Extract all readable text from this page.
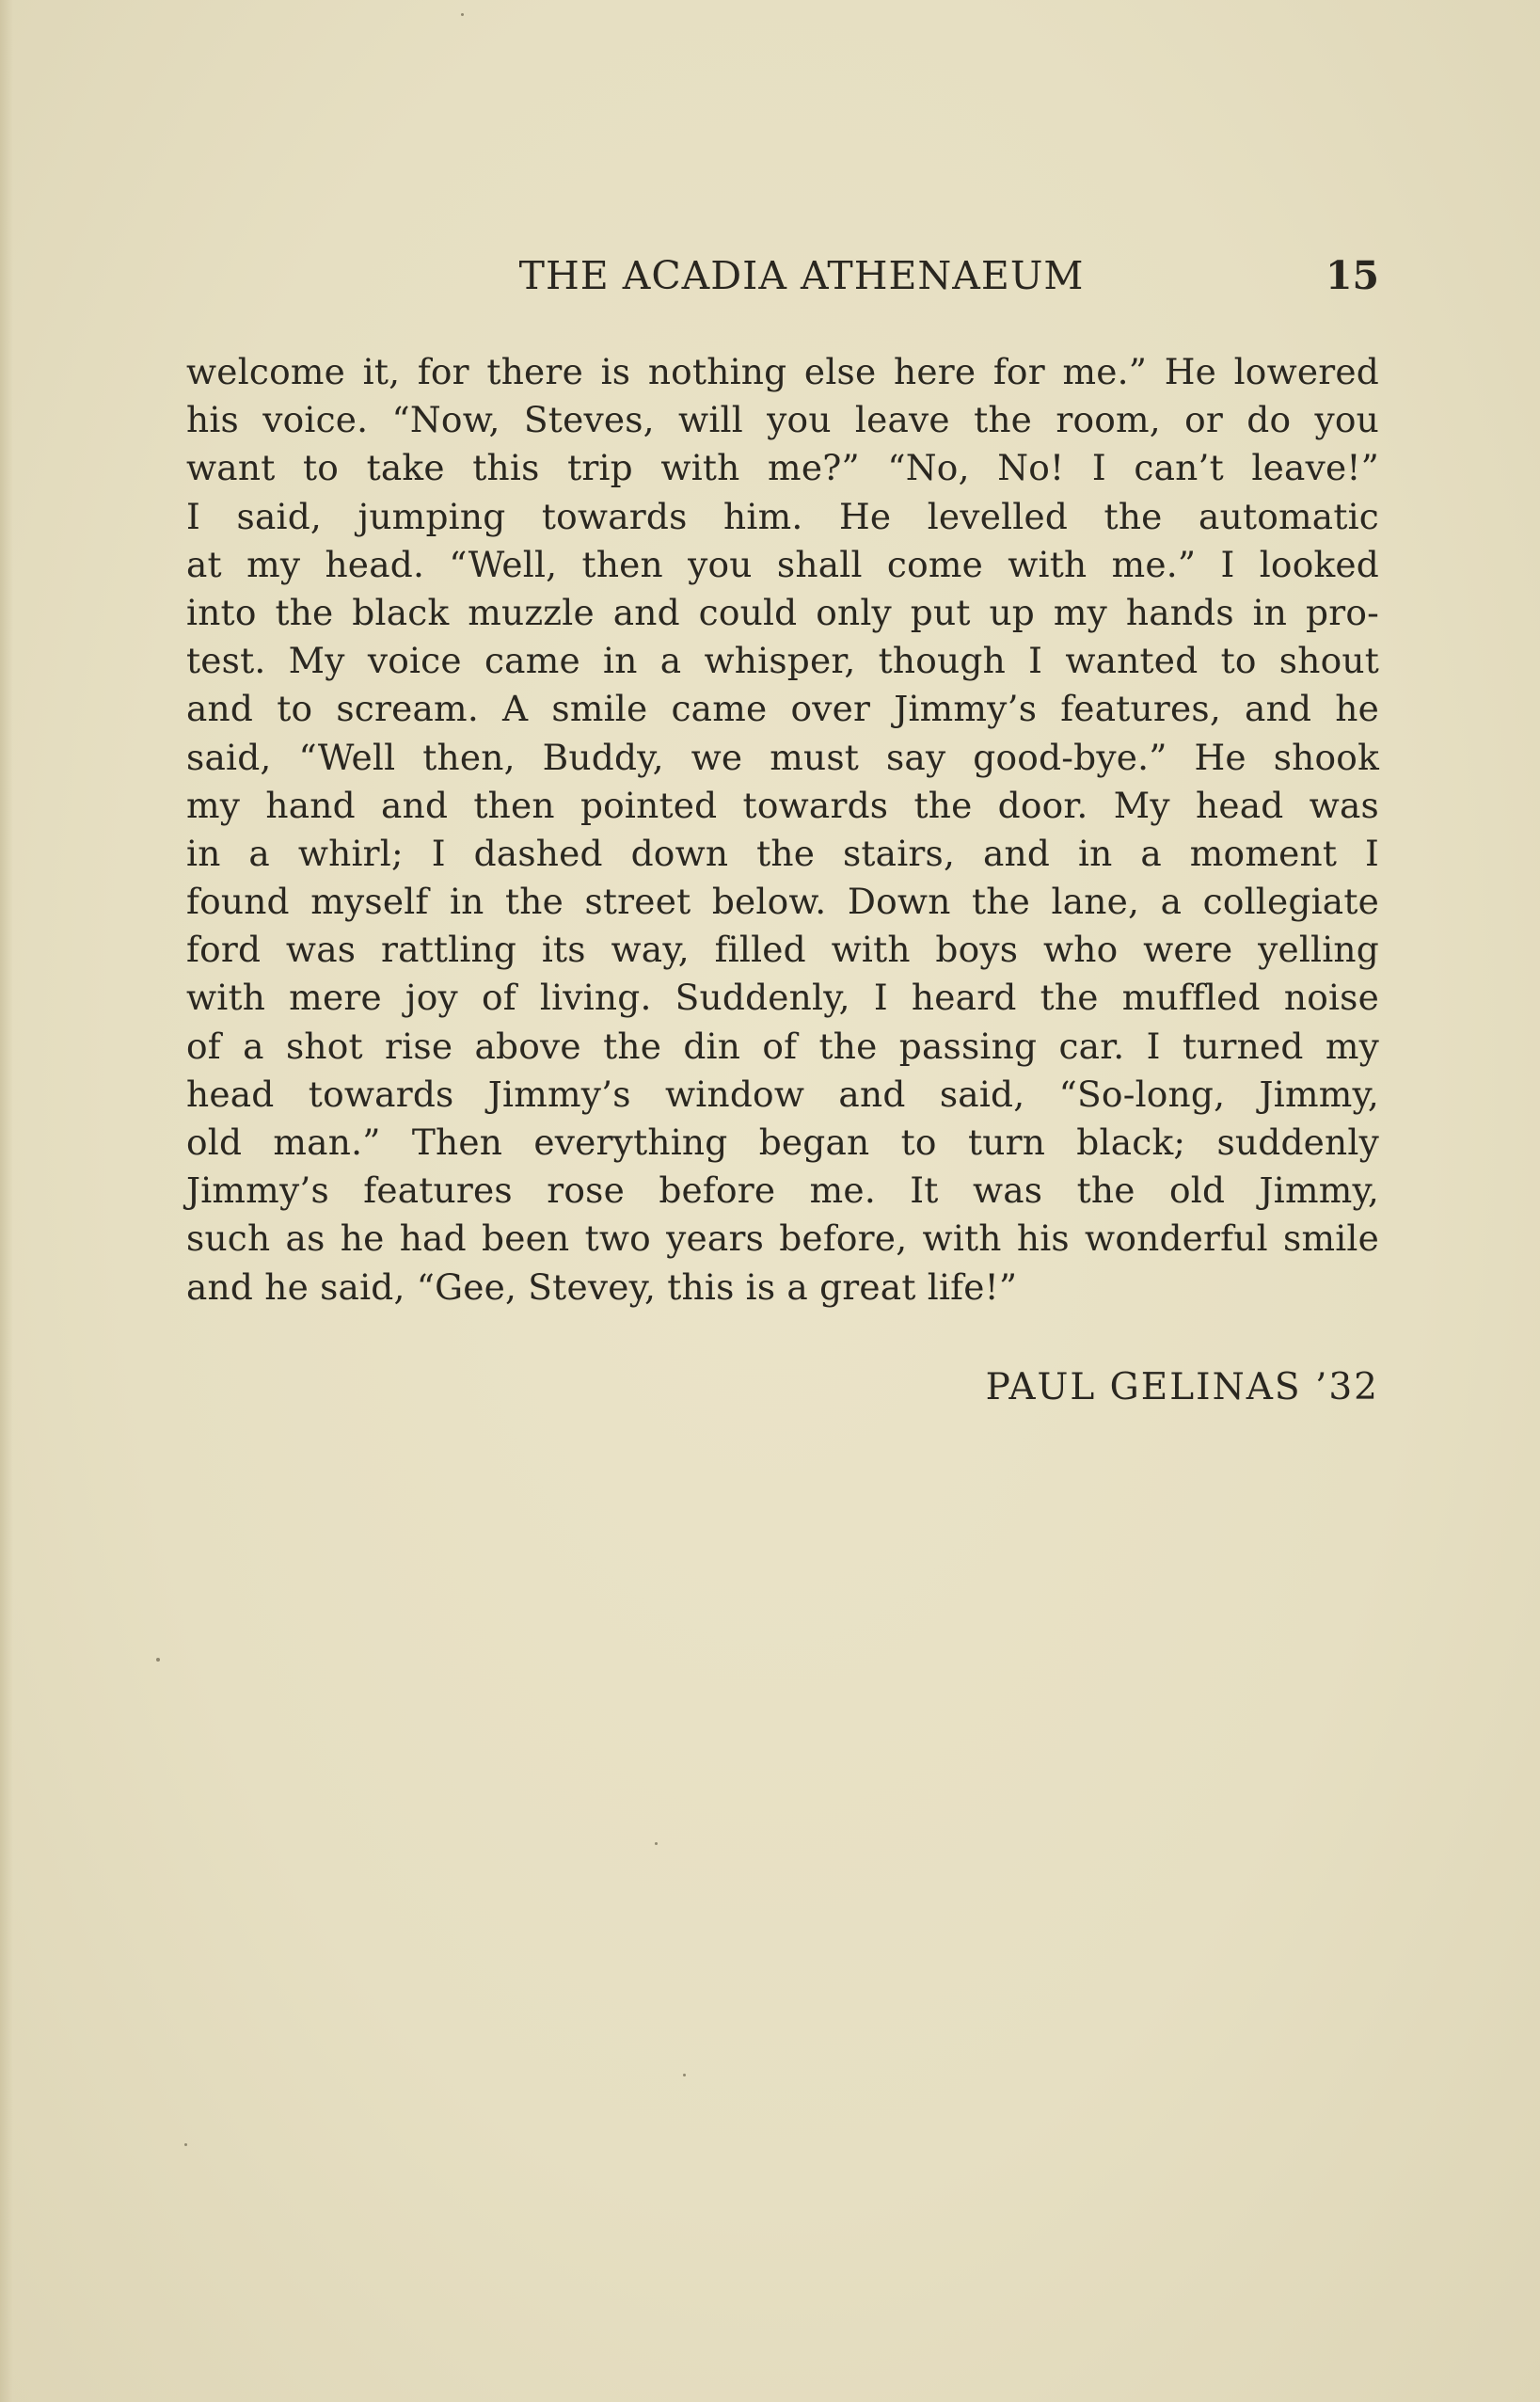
THE ACADIA ATHENAEUM	15
welcome it, for there is nothing else here for me.” He lowered
his voice. “Now, Steves, will you leave the room, or do you
want to take this trip with me?” “No, No! I can’t leave!”
I said, jumping towards him. He levelled the automatic
at my head. “Well, then you shall come with me.” I looked
into the black muzzle and could only put up my hands in pro-
test. My voice came in a whisper, though I wanted to shout
and to scream. A smile came over Jimmy’s features, and he
said, “Well then, Buddy, we must say good-bye.” He shook
my hand and then pointed towards the door. My head was
in a whirl; I dashed down the stairs, and in a moment I
found myself in the street below. Down the lane, a collegiate
ford was rattling its way, filled with boys who were yelling
with mere joy of living. Suddenly, I heard the muffled noise
of a shot rise above the din of the passing car. I turned my
head towards Jimmy’s window and said, “So-long, Jimmy,
old man.” Then everything began to turn black; suddenly
Jimmy’s features rose before me. It was the old Jimmy,
such as he had been two years before, with his wonderful smile
and he said, “Gee, Stevey, this is a great life!”
PAUL GELINAS ’32
